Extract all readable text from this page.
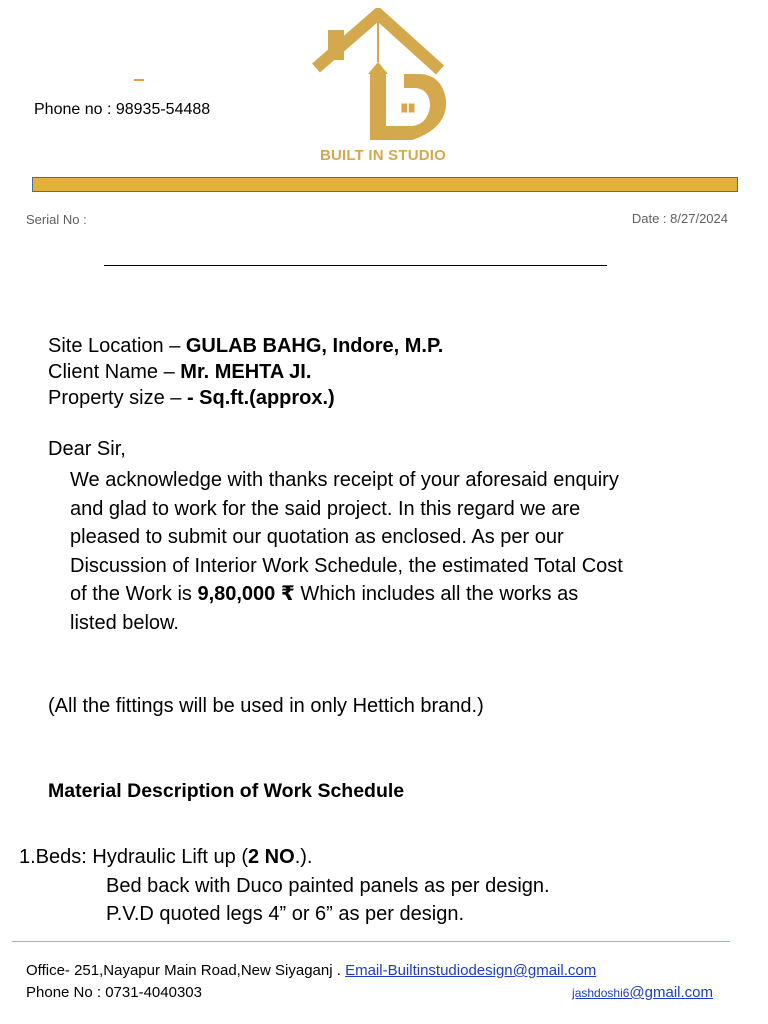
Phone no : 98935-54488
BUILT IN STUDIO
Serial No :	Date : 8/27/2024
Site Location – GULAB BAHG, Indore, M.P.
Client Name – Mr. MEHTA JI.
Property size – - Sq.ft.(approx.)
Dear Sir,
We acknowledge with thanks receipt of your aforesaid enquiry and glad to work for the said project. In this regard we are pleased to submit our quotation as enclosed. As per our Discussion of Interior Work Schedule, the estimated Total Cost of the Work is 9,80,000 ₹ Which includes all the works as listed below.
(All the fittings will be used in only Hettich brand.)
Material Description of Work Schedule
1.Beds: Hydraulic Lift up (2 NO.).
Bed back with Duco painted panels as per design.
P.V.D quoted legs 4” or 6” as per design.
Office- 251,Nayapur Main Road,New Siyaganj . Email-Builtinstudiodesign@gmail.com
Phone No : 0731-4040303	jashdoshi6@gmail.com
